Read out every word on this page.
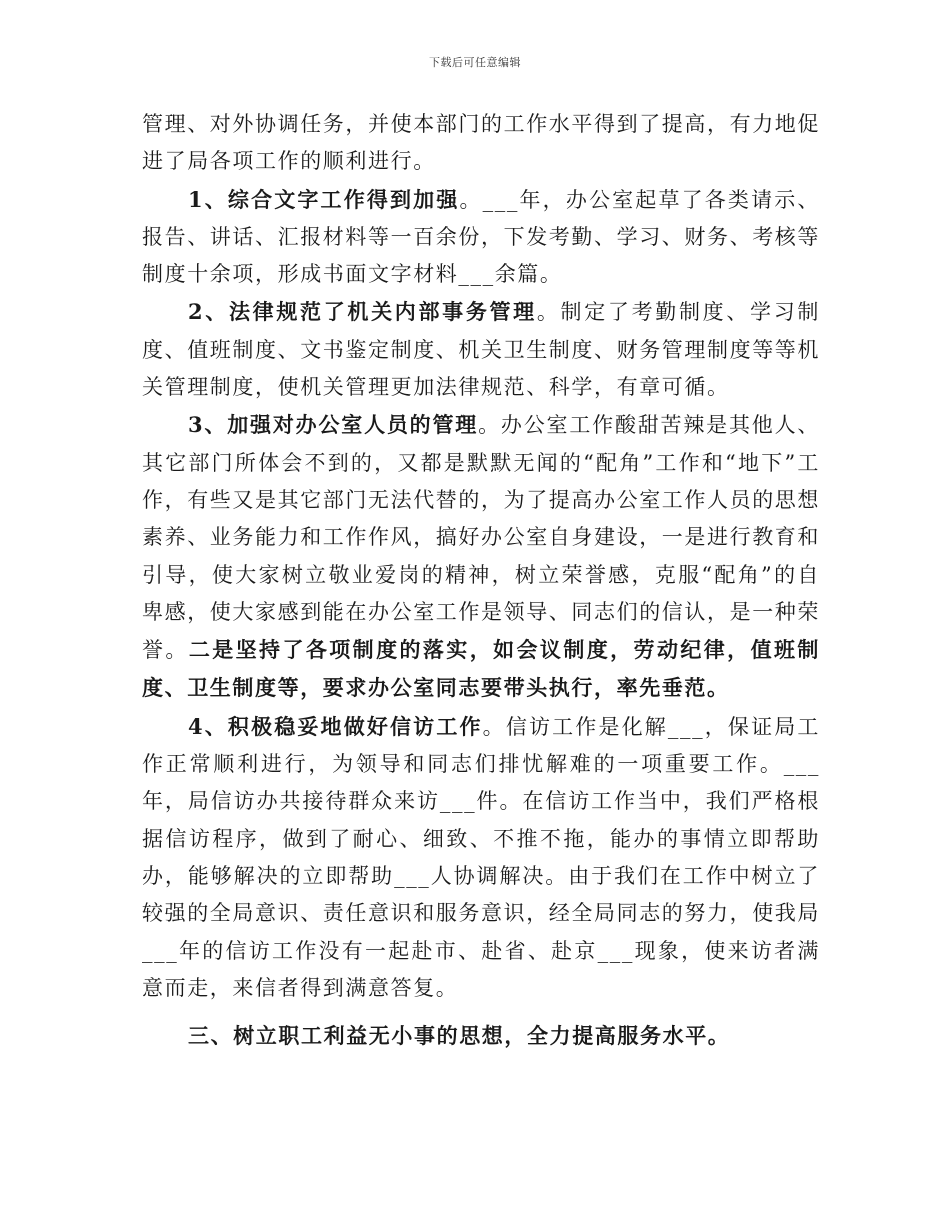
下载后可任意编辑

管理、对外协调任务，并使本部门的工作水平得到了提高，有力地促进了局各项工作的顺利进行。

1、综合文字工作得到加强。___年，办公室起草了各类请示、报告、讲话、汇报材料等一百余份，下发考勤、学习、财务、考核等制度十余项，形成书面文字材料___余篇。

2、法律规范了机关内部事务管理。制定了考勤制度、学习制度、值班制度、文书鉴定制度、机关卫生制度、财务管理制度等等机关管理制度，使机关管理更加法律规范、科学，有章可循。

3、加强对办公室人员的管理。办公室工作酸甜苦辣是其他人、其它部门所体会不到的，又都是默默无闻的“配角”工作和“地下”工作，有些又是其它部门无法代替的，为了提高办公室工作人员的思想素养、业务能力和工作作风，搞好办公室自身建设，一是进行教育和引导，使大家树立敬业爱岗的精神，树立荣誉感，克服“配角”的自卑感，使大家感到能在办公室工作是领导、同志们的信认，是一种荣誉。二是坚持了各项制度的落实，如会议制度，劳动纪律，值班制度、卫生制度等，要求办公室同志要带头执行，率先垂范。

4、积极稳妥地做好信访工作。信访工作是化解___，保证局工作正常顺利进行，为领导和同志们排忧解难的一项重要工作。___年，局信访办共接待群众来访___件。在信访工作当中，我们严格根据信访程序，做到了耐心、细致、不推不拖，能办的事情立即帮助办，能够解决的立即帮助___人协调解决。由于我们在工作中树立了较强的全局意识、责任意识和服务意识，经全局同志的努力，使我局___年的信访工作没有一起赴市、赴省、赴京___现象，使来访者满意而走，来信者得到满意答复。

三、树立职工利益无小事的思想，全力提高服务水平。
